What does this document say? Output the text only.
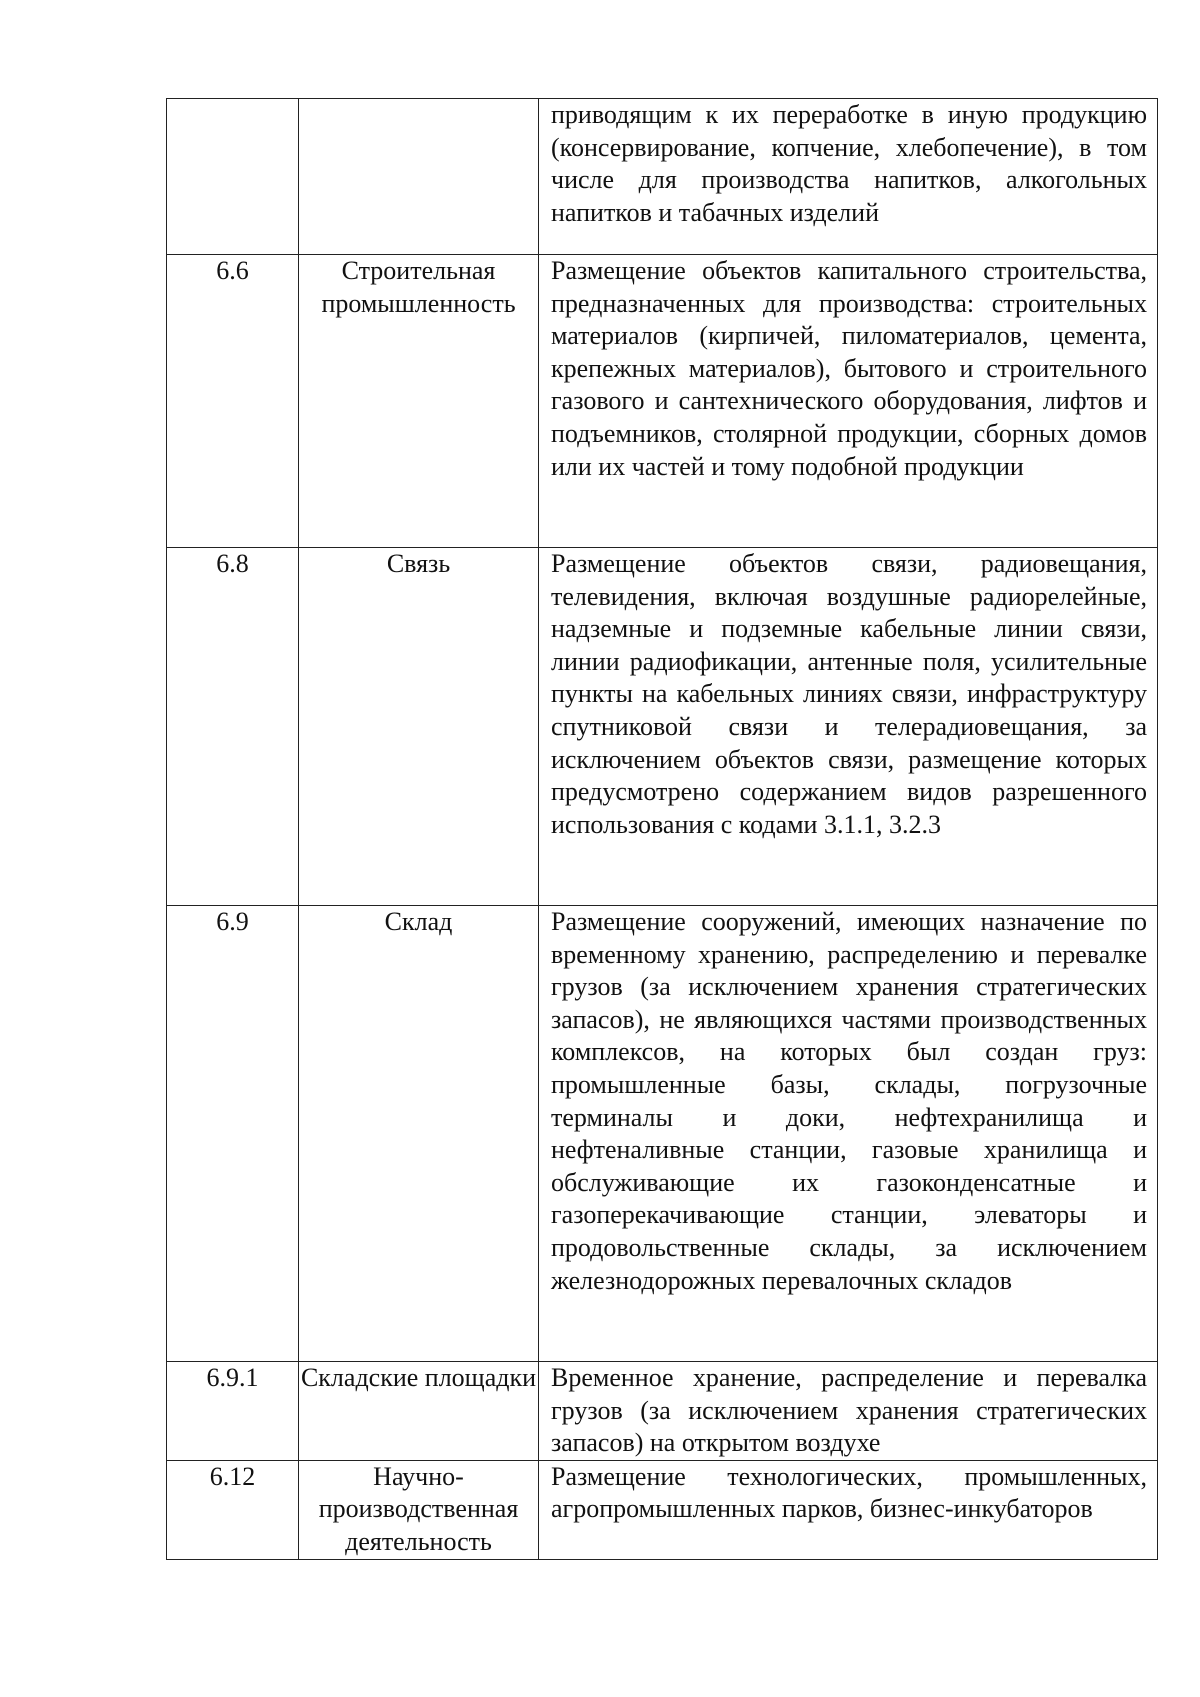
		приводящим к их переработке в иную продукцию (консервирование, копчение, хлебопечение), в том числе для производства напитков, алкогольных напитков и табачных изделий

6.6	Строительная промышленность	Размещение объектов капитального строительства, предназначенных для производства: строительных материалов (кирпичей, пиломатериалов, цемента, крепежных материалов), бытового и строительного газового и сантехнического оборудования, лифтов и подъемников, столярной продукции, сборных домов или их частей и тому подобной продукции

6.8	Связь	Размещение объектов связи, радиовещания, телевидения, включая воздушные радиорелейные, надземные и подземные кабельные линии связи, линии радиофикации, антенные поля, усилительные пункты на кабельных линиях связи, инфраструктуру спутниковой связи и телерадиовещания, за исключением объектов связи, размещение которых предусмотрено содержанием видов разрешенного использования с кодами 3.1.1, 3.2.3

6.9	Склад	Размещение сооружений, имеющих назначение по временному хранению, распределению и перевалке грузов (за исключением хранения стратегических запасов), не являющихся частями производственных комплексов, на которых был создан груз: промышленные базы, склады, погрузочные терминалы и доки, нефтехранилища и нефтеналивные станции, газовые хранилища и обслуживающие их газоконденсатные и газоперекачивающие станции, элеваторы и продовольственные склады, за исключением железнодорожных перевалочных складов

6.9.1	Складские площадки	Временное хранение, распределение и перевалка грузов (за исключением хранения стратегических запасов) на открытом воздухе

6.12	Научно-производственная деятельность	Размещение технологических, промышленных, агропромышленных парков, бизнес-инкубаторов
